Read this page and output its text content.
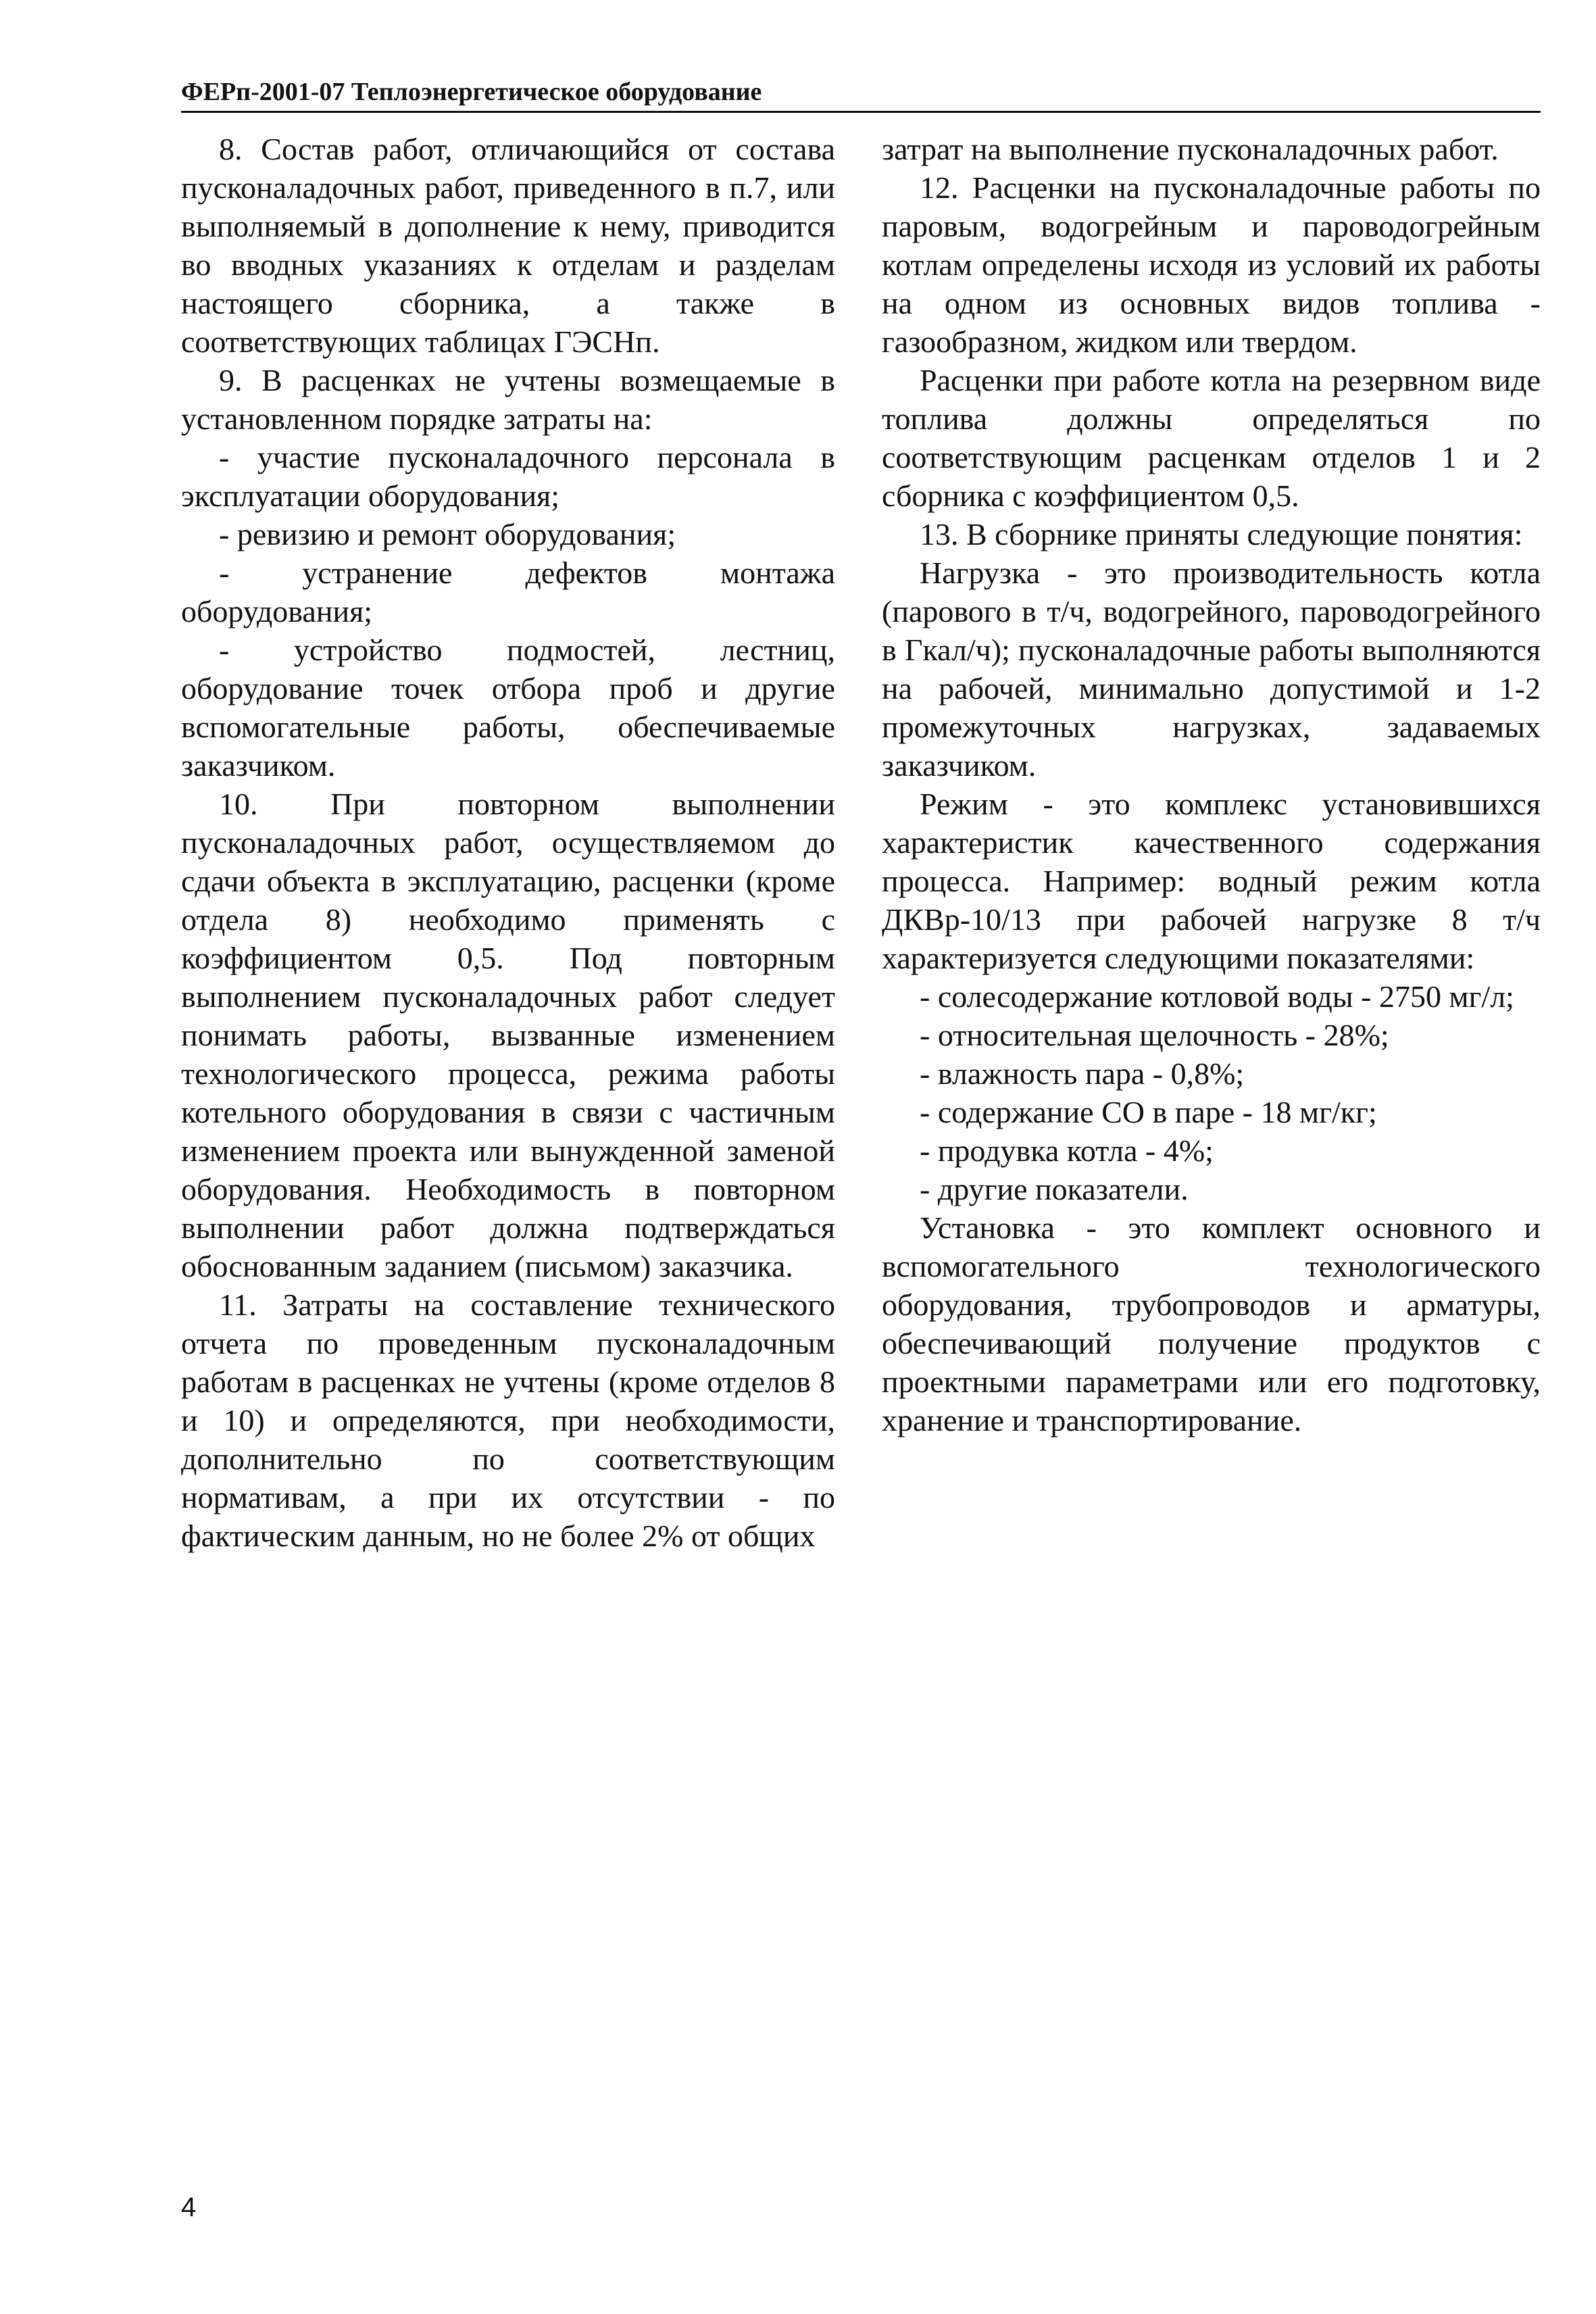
ФЕРп-2001-07 Теплоэнергетическое оборудование

8. Состав работ, отличающийся от состава пусконаладочных работ, приведенного в п.7, или выполняемый в дополнение к нему, приводится во вводных указаниях к отделам и разделам настоящего сборника, а также в соответствующих таблицах ГЭСНп.

9. В расценках не учтены возмещаемые в установленном порядке затраты на:

- участие пусконаладочного персонала в эксплуатации оборудования;

- ревизию и ремонт оборудования;

- устранение дефектов монтажа оборудования;

- устройство подмостей, лестниц, оборудование точек отбора проб и другие вспомогательные работы, обеспечиваемые заказчиком.

10. При повторном выполнении пусконаладочных работ, осуществляемом до сдачи объекта в эксплуатацию, расценки (кроме отдела 8) необходимо применять с коэффициентом 0,5. Под повторным выполнением пусконаладочных работ следует понимать работы, вызванные изменением технологического процесса, режима работы котельного оборудования в связи с частичным изменением проекта или вынужденной заменой оборудования. Необходимость в повторном выполнении работ должна подтверждаться обоснованным заданием (письмом) заказчика.

11. Затраты на составление технического отчета по проведенным пусконаладочным работам в расценках не учтены (кроме отделов 8 и 10) и определяются, при необходимости, дополнительно по соответствующим нормативам, а при их отсутствии - по фактическим данным, но не более 2% от общих

затрат на выполнение пусконаладочных работ.

12. Расценки на пусконаладочные работы по паровым, водогрейным и пароводогрейным котлам определены исходя из условий их работы на одном из основных видов топлива - газообразном, жидком или твердом.

Расценки при работе котла на резервном виде топлива должны определяться по соответствующим расценкам отделов 1 и 2 сборника с коэффициентом 0,5.

13. В сборнике приняты следующие понятия:

Нагрузка - это производительность котла (парового в т/ч, водогрейного, пароводогрейного в Гкал/ч); пусконаладочные работы выполняются на рабочей, минимально допустимой и 1-2 промежуточных нагрузках, задаваемых заказчиком.

Режим - это комплекс установившихся характеристик качественного содержания процесса. Например: водный режим котла ДКВр-10/13 при рабочей нагрузке 8 т/ч характеризуется следующими показателями:

- солесодержание котловой воды - 2750 мг/л;

- относительная щелочность - 28%;

- влажность пара - 0,8%;

- содержание СО в паре - 18 мг/кг;

- продувка котла - 4%;

- другие показатели.

Установка - это комплект основного и вспомогательного технологического оборудования, трубопроводов и арматуры, обеспечивающий получение продуктов с проектными параметрами или его подготовку, хранение и транспортирование.

4
